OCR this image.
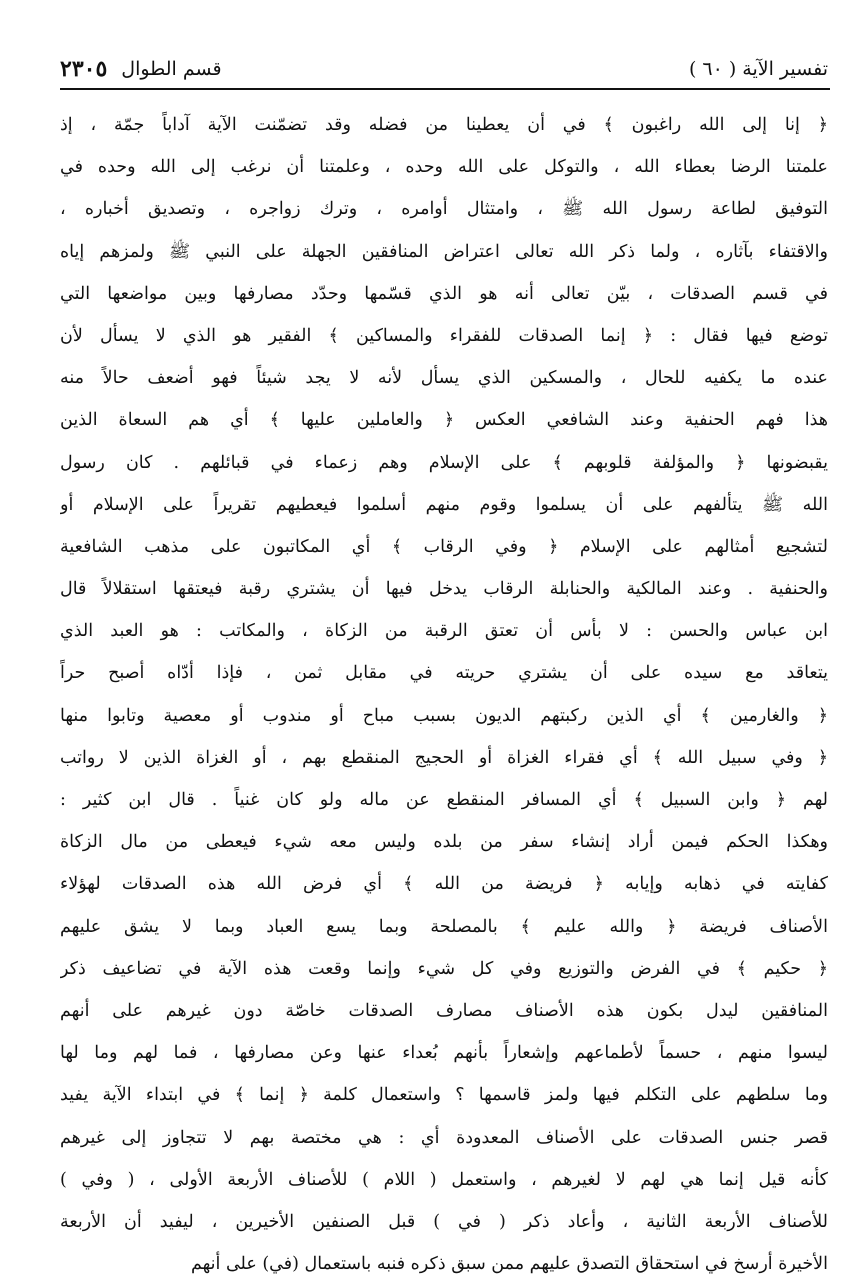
تفسير الآية ( ٦٠ )
قسم الطوال
٢٣٠٥
﴿ إنا إلى الله راغبون ﴾ في أن يعطينا من فضله وقد تضمّنت الآية آداباً جمّة ، إذ
علمتنا الرضا بعطاء الله ، والتوكل على الله وحده ، وعلمتنا أن نرغب إلى الله وحده في
التوفيق لطاعة رسول الله ﷺ ، وامتثال أوامره ، وترك زواجره ، وتصديق أخباره ،
والاقتفاء بآثاره ، ولما ذكر الله تعالى اعتراض المنافقين الجهلة على النبي ﷺ ولمزهم إياه
في قسم الصدقات ، بيّن تعالى أنه هو الذي قسّمها وحدّد مصارفها وبين مواضعها التي
توضع فيها فقال : ﴿ إنما الصدقات للفقراء والمساكين ﴾ الفقير هو الذي لا يسأل لأن
عنده ما يكفيه للحال ، والمسكين الذي يسأل لأنه لا يجد شيئاً فهو أضعف حالاً منه
هذا فهم الحنفية وعند الشافعي العكس ﴿ والعاملين عليها ﴾ أي هم السعاة الذين
يقبضونها ﴿ والمؤلفة قلوبهم ﴾ على الإسلام وهم زعماء في قبائلهم . كان رسول
الله ﷺ يتألفهم على أن يسلموا وقوم منهم أسلموا فيعطيهم تقريراً على الإسلام أو
لتشجيع أمثالهم على الإسلام ﴿ وفي الرقاب ﴾ أي المكاتبون على مذهب الشافعية
والحنفية . وعند المالكية والحنابلة الرقاب يدخل فيها أن يشتري رقبة فيعتقها استقلالاً قال
ابن عباس والحسن : لا بأس أن تعتق الرقبة من الزكاة ، والمكاتب : هو العبد الذي
يتعاقد مع سيده على أن يشتري حريته في مقابل ثمن ، فإذا أدّاه أصبح حراً
﴿ والغارمين ﴾ أي الذين ركبتهم الديون بسبب مباح أو مندوب أو معصية وتابوا منها
﴿ وفي سبيل الله ﴾ أي فقراء الغزاة أو الحجيج المنقطع بهم ، أو الغزاة الذين لا رواتب
لهم ﴿ وابن السبيل ﴾ أي المسافر المنقطع عن ماله ولو كان غنياً . قال ابن كثير :
وهكذا الحكم فيمن أراد إنشاء سفر من بلده وليس معه شيء فيعطى من مال الزكاة
كفايته في ذهابه وإيابه ﴿ فريضة من الله ﴾ أي فرض الله هذه الصدقات لهؤلاء
الأصناف فريضة ﴿ والله عليم ﴾ بالمصلحة وبما يسع العباد وبما لا يشق عليهم
﴿ حكيم ﴾ في الفرض والتوزيع وفي كل شيء وإنما وقعت هذه الآية في تضاعيف ذكر
المنافقين ليدل بكون هذه الأصناف مصارف الصدقات خاصّة دون غيرهم على أنهم
ليسوا منهم ، حسماً لأطماعهم وإشعاراً بأنهم بُعداء عنها وعن مصارفها ، فما لهم وما لها
وما سلطهم على التكلم فيها ولمز قاسمها ؟ واستعمال كلمة ﴿ إنما ﴾ في ابتداء الآية يفيد
قصر جنس الصدقات على الأصناف المعدودة أي : هي مختصة بهم لا تتجاوز إلى غيرهم
كأنه قيل إنما هي لهم لا لغيرهم ، واستعمل ( اللام ) للأصناف الأربعة الأولى ، ( وفي )
للأصناف الأربعة الثانية ، وأعاد ذكر ( في ) قبل الصنفين الأخيرين ، ليفيد أن الأربعة
الأخيرة أرسخ في استحقاق التصدق عليهم ممن سبق ذكره فنبه باستعمال (في) على أنهم
